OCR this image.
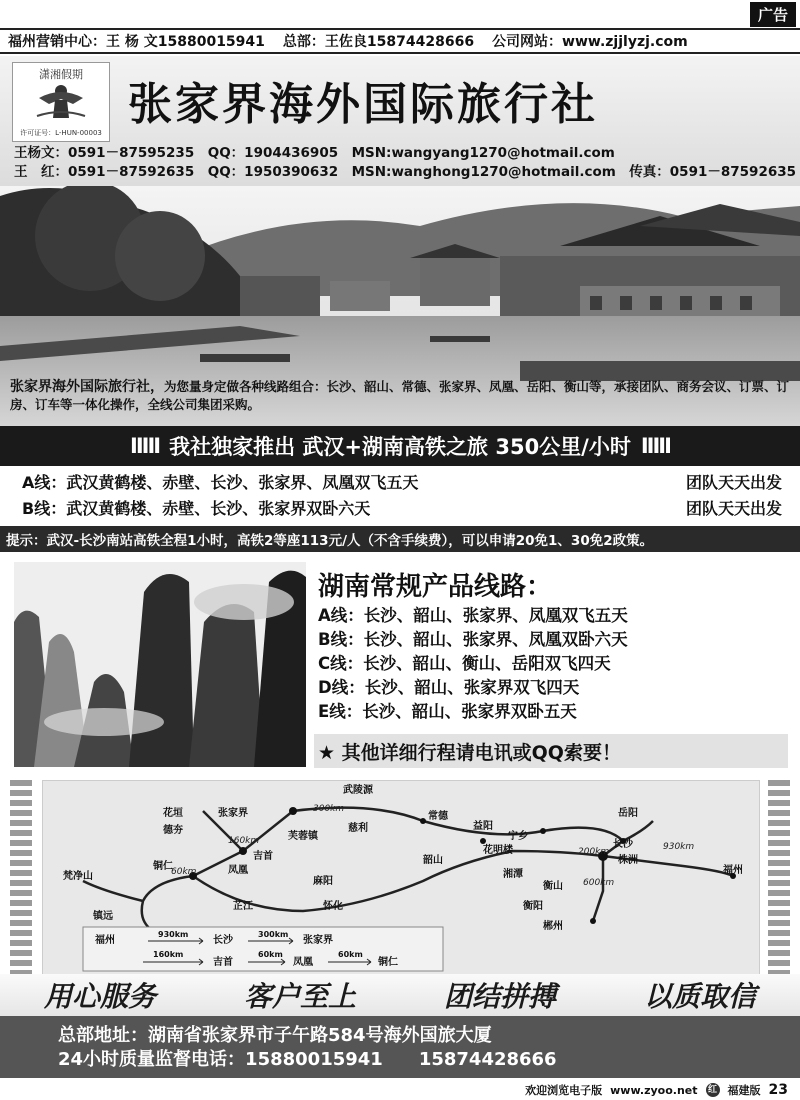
广告
福州营销中心：王 杨 文15880015941 总部：王佐良15874428666 公司网站：www.zjjlyzj.com
潇湘假期
许可证号：L-HUN-00003
张家界海外国际旅行社
王杨文：0591－87595235　QQ：1904436905　MSN:wangyang1270@hotmail.com
王　红：0591－87592635　QQ：1950390632　MSN:wanghong1270@hotmail.com　传真：0591－87592635
张家界海外国际旅行社，为您量身定做各种线路组合：长沙、韶山、常德、张家界、凤凰、岳阳、衡山等，承接团队、商务会议、订票、订房、订车等一体化操作，全线公司集团采购。
IIIII 我社独家推出 武汉+湖南高铁之旅 350公里/小时 IIIII
A线：武汉黄鹤楼、赤壁、长沙、张家界、凤凰双飞五天	团队天天出发
B线：武汉黄鹤楼、赤壁、长沙、张家界双卧六天	团队天天出发
提示：武汉-长沙南站高铁全程1小时，高铁2等座113元/人（不含手续费），可以申请20免1、30免2政策。
湖南常规产品线路：
A线：长沙、韶山、张家界、凤凰双飞五天
B线：长沙、韶山、张家界、凤凰双卧六天
C线：长沙、韶山、衡山、岳阳双飞四天
D线：长沙、韶山、张家界双飞四天
E线：长沙、韶山、张家界双卧五天
★ 其他详细行程请电讯或QQ索要！
武陵源
花垣	张家界
德夯
芙蓉镇
慈利
常德
益阳
岳阳
宁乡
长沙
株洲
福州
铜仁
吉首
凤凰
麻阳
梵净山
芷江	怀化
镇远
韶山
花明楼
湘潭
衡山
衡阳
郴州
300km
160km
60km
200km	930km
600km
福州
930km
长沙
300km
张家界
160km
吉首
60km
凤凰
60km
铜仁
用心服务	客户至上	团结拼搏	以质取信
总部地址：湖南省张家界市子午路584号海外国旅大厦
24小时质量监督电话：15880015941　　15874428666
欢迎浏览电子版 www.zyoo.net 红 福建版 23
